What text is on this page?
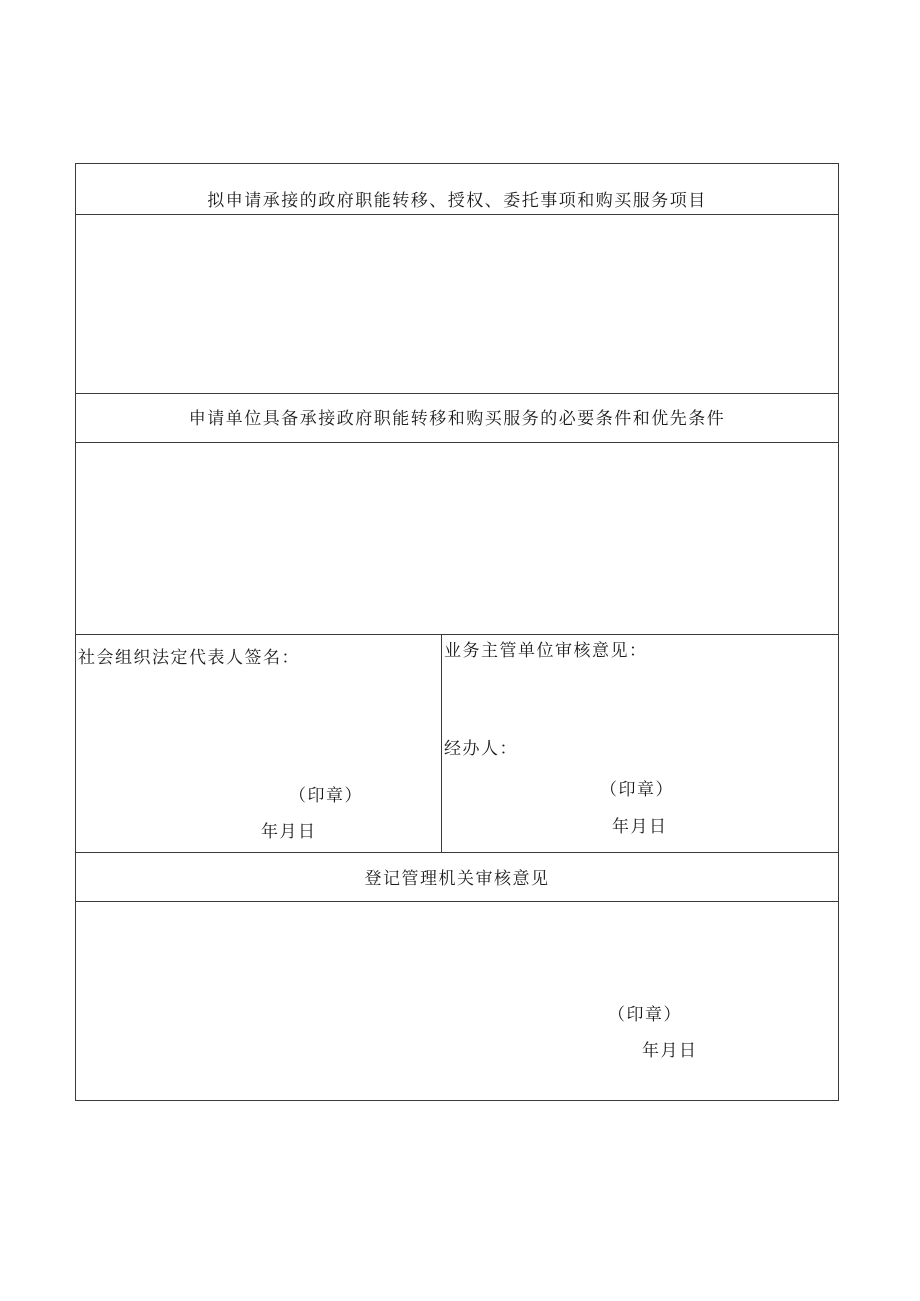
拟申请承接的政府职能转移、授权、委托事项和购买服务项目
申请单位具备承接政府职能转移和购买服务的必要条件和优先条件
社会组织法定代表人签名：
（印章）
年月日
业务主管单位审核意见：
经办人：
（印章）
年月日
登记管理机关审核意见
（印章）
年月日
